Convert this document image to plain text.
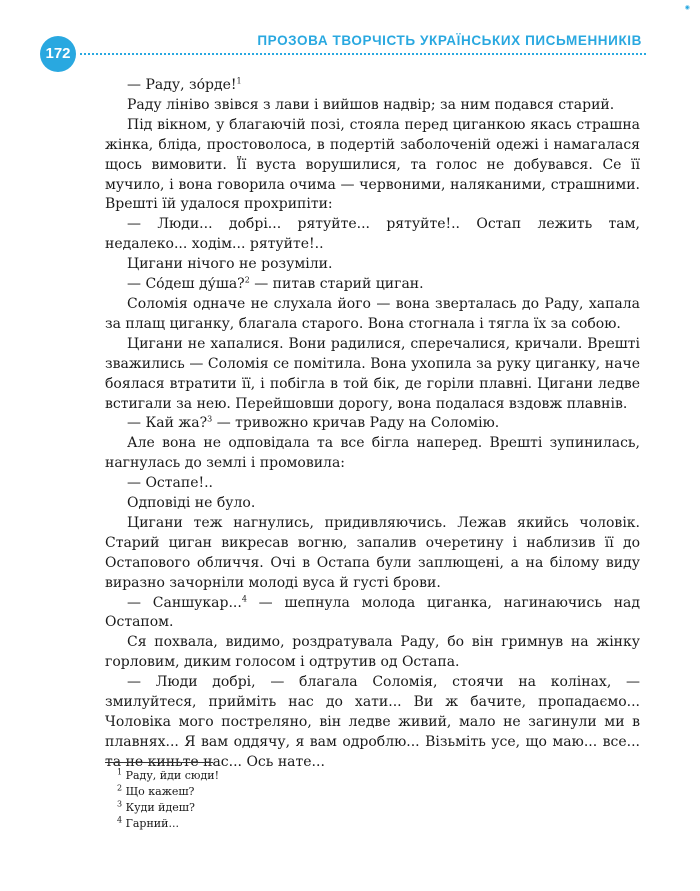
172
ПРОЗОВА ТВОРЧІСТЬ УКРАЇНСЬКИХ ПИСЬМЕННИКІВ
◉

— Раду, зо́рде!$^1$

Раду лінiво звівся з лави і вийшов надвір; за ним подався старий.

Під вікном, у благаючій позі, стояла перед циганкою якась страшна жінка, бліда, простоволоса, в подертій заболоченій одежі і намагалася щось вимовити. Її вуста ворушилися, та голос не добувався. Се її мучило, і вона говорила очима — червоними, наляканими, страшними. Врешті їй удалося прохрипіти:

— Люди... добрі... рятуйте... рятуйте!.. Остап лежить там, недалеко... ходім... рятуйте!..

Цигани нічого не розуміли.

— Со́деш ду́ша?$^2$ — питав старий циган.

Соломія одначе не слухала його — вона зверталась до Раду, хапала за плащ циганку, благала старого. Вона стогнала і тягла їх за собою.

Цигани не хапалися. Вони радилися, сперечалися, кричали. Врешті зважились — Соломія се помітила. Вона ухопила за руку циганку, наче боялася втратити її, і побігла в той бік, де горіли плавні. Цигани ледве встигали за нею. Перейшовши дорогу, вона подалася вздовж плавнів.

— Кай жа?$^3$ — тривожно кричав Раду на Соломію.

Але вона не одповідала та все бігла наперед. Врешті зупинилась, нагнулась до землі і промовила:

— Остапе!..

Одповіді не було.

Цигани теж нагнулись, придивляючись. Лежав якийсь чоловік. Старий циган викресав вогню, запалив очеретину і наблизив її до Остапового обличчя. Очі в Остапа були заплющені, а на білому виду виразно зачорніли молоді вуса й густі брови.

— Саншукар...$^4$ — шепнула молода циганка, нагинаючись над Остапом.

Ся похвала, видимо, роздратувала Раду, бо він гримнув на жінку горловим, диким голосом і одтрутив од Остапа.

— Люди добрі, — благала Соломія, стоячи на колінах, — змилуйтеся, прийміть нас до хати... Ви ж бачите, пропадаємо... Чоловіка мого постреляно, він ледве живий, мало не загинули ми в плавнях... Я вам оддячу, я вам одроблю... Візьміть усе, що маю... все... та не киньте нас... Ось нате...

$^1$ Раду, йди сюди!
$^2$ Що кажеш?
$^3$ Куди йдеш?
$^4$ Гарний...
